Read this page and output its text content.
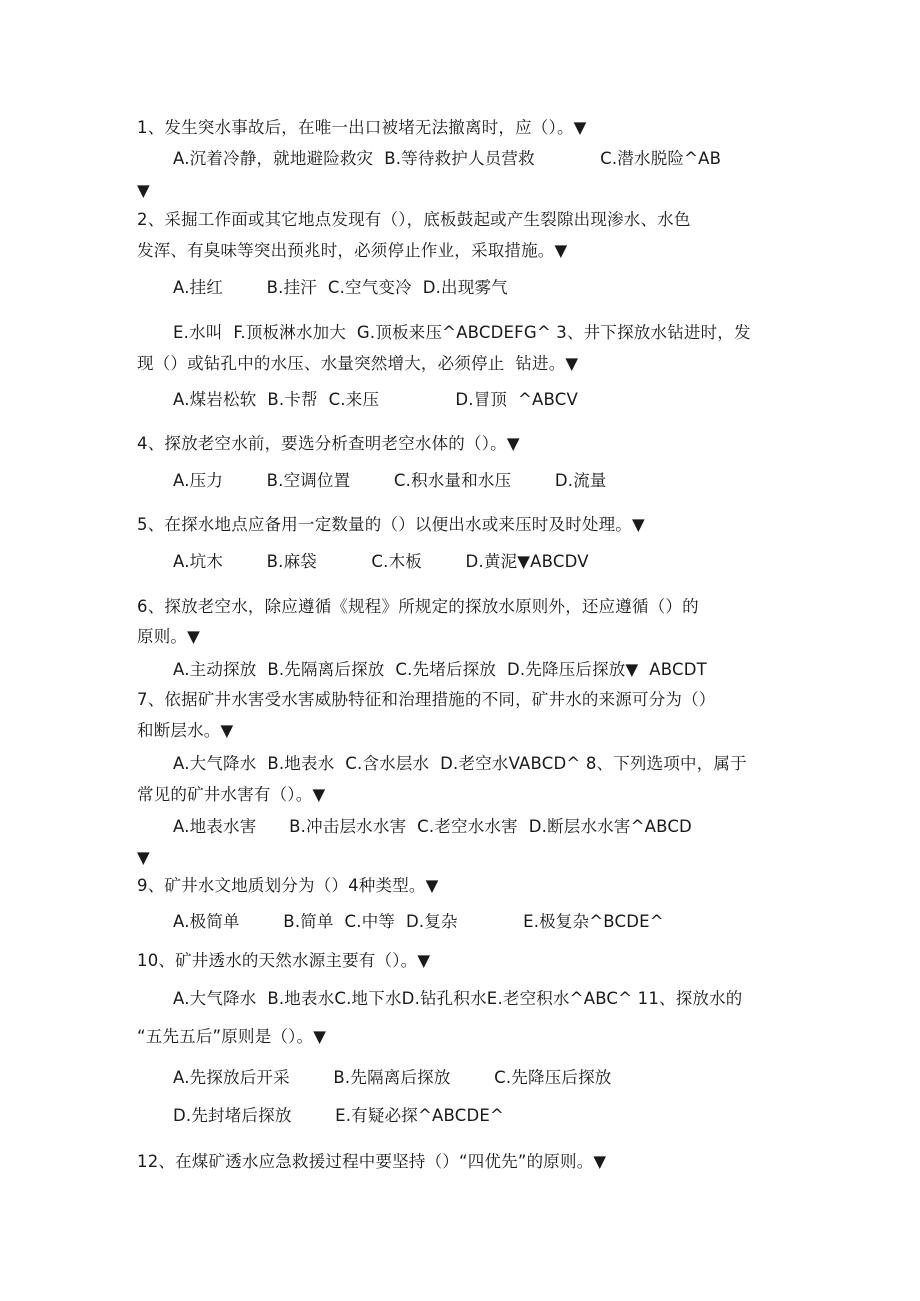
1、发生突水事故后，在唯一出口被堵无法撤离时，应（）。▼
A.沉着冷静，就地避险救灾  B.等待救护人员营救            C.潜水脱险^AB
▼
2、采掘工作面或其它地点发现有（），底板鼓起或产生裂隙出现渗水、水色
发浑、有臭味等突出预兆时，必须停止作业，采取措施。▼
A.挂红        B.挂汗  C.空气变冷  D.出现雾气
E.水叫  F.顶板淋水加大  G.顶板来压^ABCDEFG^ 3、井下探放水钻进时，发
现（）或钻孔中的水压、水量突然增大，必须停止  钻进。▼
A.煤岩松软  B.卡帮  C.来压              D.冒顶  ^ABCV
4、探放老空水前，要选分析查明老空水体的（）。▼
A.压力        B.空调位置        C.积水量和水压        D.流量
5、在探水地点应备用一定数量的（）以便出水或来压时及时处理。▼
A.坑木        B.麻袋          C.木板        D.黄泥▼ABCDV
6、探放老空水，除应遵循《规程》所规定的探放水原则外，还应遵循（）的
原则。▼
A.主动探放  B.先隔离后探放  C.先堵后探放  D.先降压后探放▼  ABCDT
7、依据矿井水害受水害威胁特征和治理措施的不同，矿井水的来源可分为（）
和断层水。▼
A.大气降水  B.地表水  C.含水层水  D.老空水VABCD^ 8、下列选项中，属于
常见的矿井水害有（）。▼
A.地表水害      B.冲击层水水害  C.老空水水害  D.断层水水害^ABCD
▼
9、矿井水文地质划分为（）4种类型。▼
A.极简单        B.简单  C.中等  D.复杂            E.极复杂^BCDE^
10、矿井透水的天然水源主要有（）。▼
A.大气降水  B.地表水C.地下水D.钻孔积水E.老空积水^ABC^ 11、探放水的
“五先五后”原则是（）。▼
A.先探放后开采        B.先隔离后探放        C.先降压后探放
D.先封堵后探放        E.有疑必探^ABCDE^
12、在煤矿透水应急救援过程中要坚持（）“四优先”的原则。▼
